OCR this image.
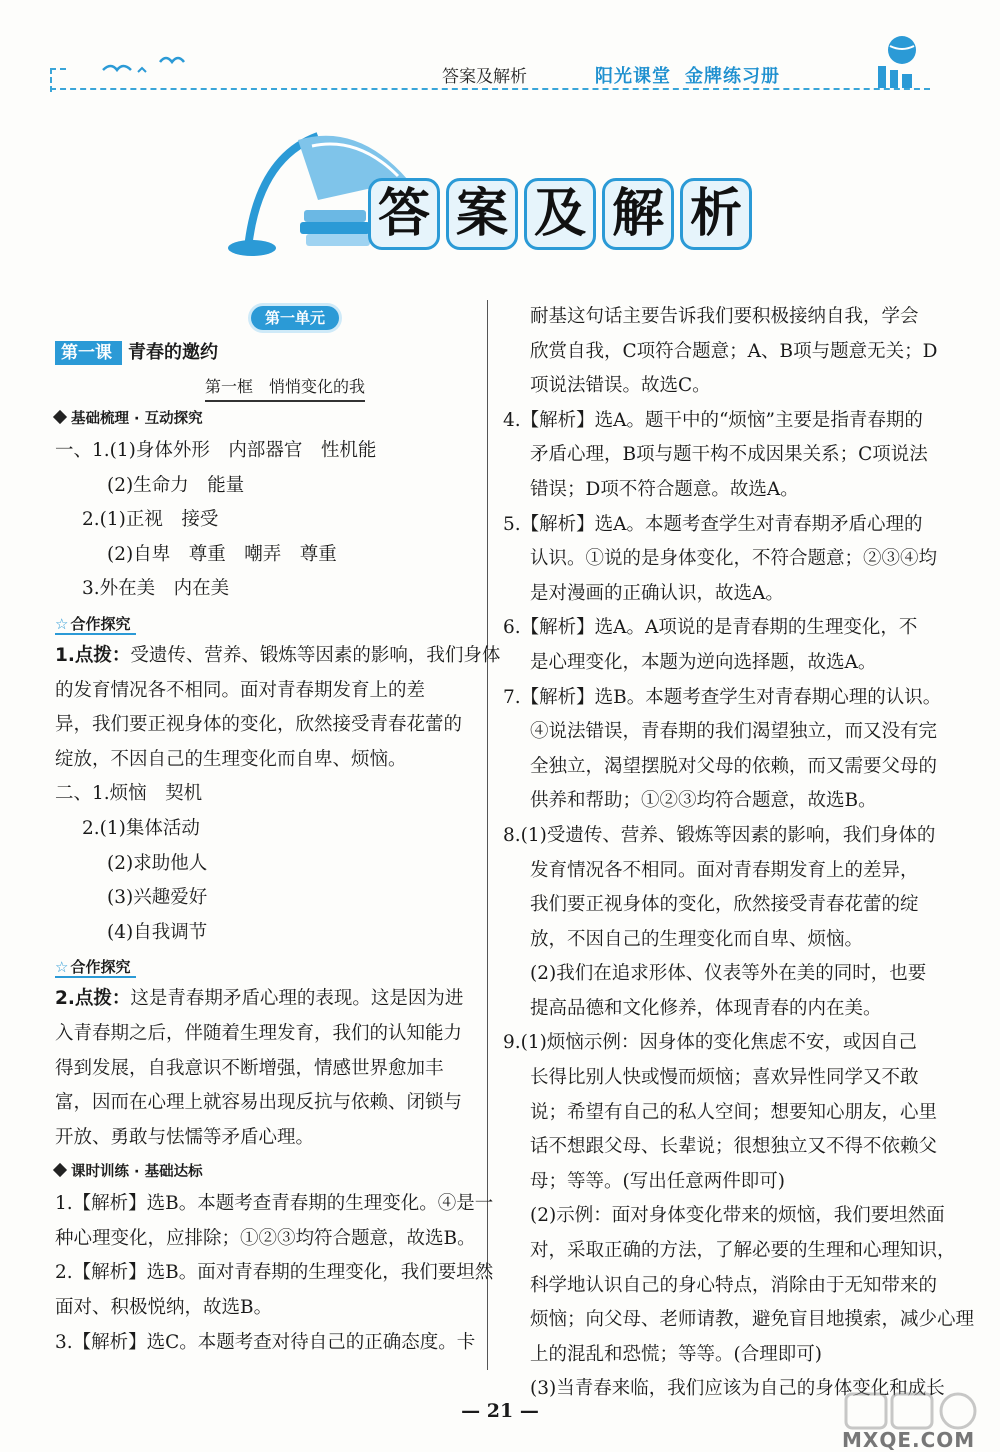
答案及解析	阳光课堂 金牌练习册
答 案 及 解 析
第一单元
第一课 青春的邀约
第一框　悄悄变化的我
基础梳理 · 互动探究
一、1.(1)身体外形　内部器官　性机能
(2)生命力　能量
2.(1)正视　接受
(2)自卑　尊重　嘲弄　尊重
3.外在美　内在美
☆ 合作探究
1.点拨：受遗传、营养、锻炼等因素的影响，我们身体
的发育情况各不相同。面对青春期发育上的差
异，我们要正视身体的变化，欣然接受青春花蕾的
绽放，不因自己的生理变化而自卑、烦恼。
二、1.烦恼　契机
2.(1)集体活动
(2)求助他人
(3)兴趣爱好
(4)自我调节
☆ 合作探究
2.点拨：这是青春期矛盾心理的表现。这是因为进
入青春期之后，伴随着生理发育，我们的认知能力
得到发展，自我意识不断增强，情感世界愈加丰
富，因而在心理上就容易出现反抗与依赖、闭锁与
开放、勇敢与怯懦等矛盾心理。
课时训练 · 基础达标
1.【解析】选B。本题考查青春期的生理变化。④是一
种心理变化，应排除；①②③均符合题意，故选B。
2.【解析】选B。面对青春期的生理变化，我们要坦然
面对、积极悦纳，故选B。
3.【解析】选C。本题考查对待自己的正确态度。卡
耐基这句话主要告诉我们要积极接纳自我，学会
欣赏自我，C项符合题意；A、B项与题意无关；D
项说法错误。故选C。
4.【解析】选A。题干中的“烦恼”主要是指青春期的
矛盾心理，B项与题干构不成因果关系；C项说法
错误；D项不符合题意。故选A。
5.【解析】选A。本题考查学生对青春期矛盾心理的
认识。①说的是身体变化，不符合题意；②③④均
是对漫画的正确认识，故选A。
6.【解析】选A。A项说的是青春期的生理变化，不
是心理变化，本题为逆向选择题，故选A。
7.【解析】选B。本题考查学生对青春期心理的认识。
④说法错误，青春期的我们渴望独立，而又没有完
全独立，渴望摆脱对父母的依赖，而又需要父母的
供养和帮助；①②③均符合题意，故选B。
8.(1)受遗传、营养、锻炼等因素的影响，我们身体的
发育情况各不相同。面对青春期发育上的差异，
我们要正视身体的变化，欣然接受青春花蕾的绽
放，不因自己的生理变化而自卑、烦恼。
(2)我们在追求形体、仪表等外在美的同时，也要
提高品德和文化修养，体现青春的内在美。
9.(1)烦恼示例：因身体的变化焦虑不安，或因自己
长得比别人快或慢而烦恼；喜欢异性同学又不敢
说；希望有自己的私人空间；想要知心朋友，心里
话不想跟父母、长辈说；很想独立又不得不依赖父
母；等等。(写出任意两件即可)
(2)示例：面对身体变化带来的烦恼，我们要坦然面
对，采取正确的方法，了解必要的生理和心理知识，
科学地认识自己的身心特点，消除由于无知带来的
烦恼；向父母、老师请教，避免盲目地摸索，减少心理
上的混乱和恐慌；等等。(合理即可)
(3)当青春来临，我们应该为自己的身体变化和成长
— 21 —
MXQE.COM
